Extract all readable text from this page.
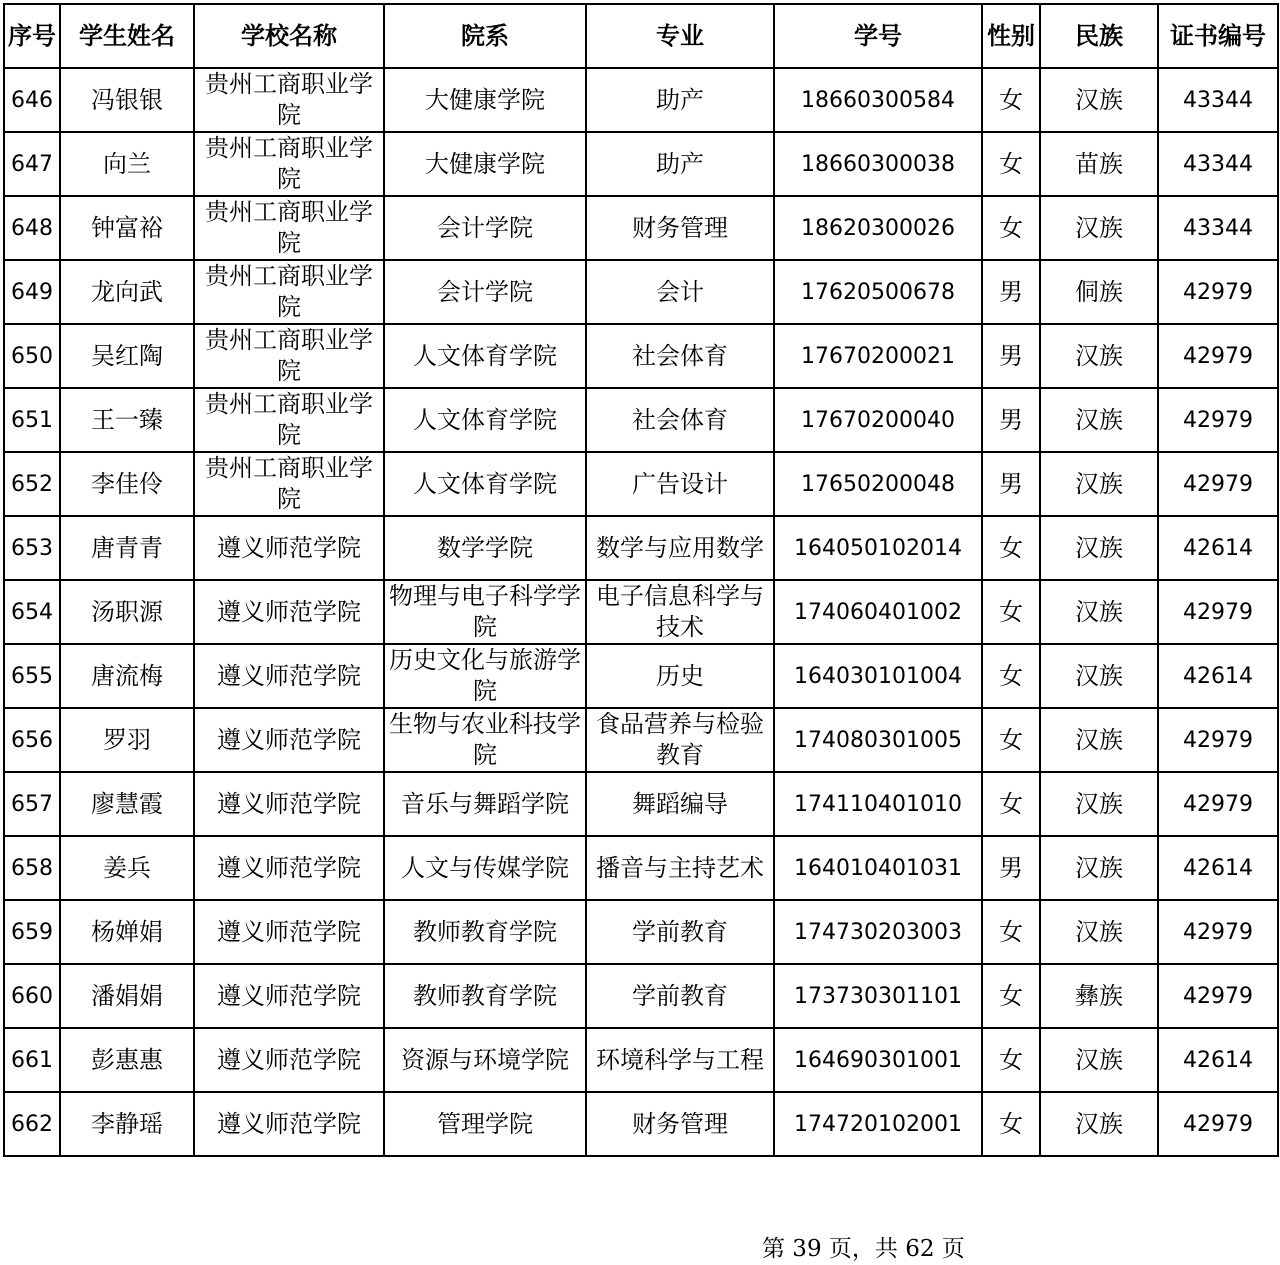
序号	学生姓名	学校名称	院系	专业	学号	性别	民族	证书编号
646	冯银银	贵州工商职业学院	大健康学院	助产	18660300584	女	汉族	43344
647	向兰	贵州工商职业学院	大健康学院	助产	18660300038	女	苗族	43344
648	钟富裕	贵州工商职业学院	会计学院	财务管理	18620300026	女	汉族	43344
649	龙向武	贵州工商职业学院	会计学院	会计	17620500678	男	侗族	42979
650	吴红陶	贵州工商职业学院	人文体育学院	社会体育	17670200021	男	汉族	42979
651	王一臻	贵州工商职业学院	人文体育学院	社会体育	17670200040	男	汉族	42979
652	李佳伶	贵州工商职业学院	人文体育学院	广告设计	17650200048	男	汉族	42979
653	唐青青	遵义师范学院	数学学院	数学与应用数学	164050102014	女	汉族	42614
654	汤职源	遵义师范学院	物理与电子科学学院	电子信息科学与技术	174060401002	女	汉族	42979
655	唐流梅	遵义师范学院	历史文化与旅游学院	历史	164030101004	女	汉族	42614
656	罗羽	遵义师范学院	生物与农业科技学院	食品营养与检验教育	174080301005	女	汉族	42979
657	廖慧霞	遵义师范学院	音乐与舞蹈学院	舞蹈编导	174110401010	女	汉族	42979
658	姜兵	遵义师范学院	人文与传媒学院	播音与主持艺术	164010401031	男	汉族	42614
659	杨婵娟	遵义师范学院	教师教育学院	学前教育	174730203003	女	汉族	42979
660	潘娟娟	遵义师范学院	教师教育学院	学前教育	173730301101	女	彝族	42979
661	彭惠惠	遵义师范学院	资源与环境学院	环境科学与工程	164690301001	女	汉族	42614
662	李静瑶	遵义师范学院	管理学院	财务管理	174720102001	女	汉族	42979
第 39 页，共 62 页
